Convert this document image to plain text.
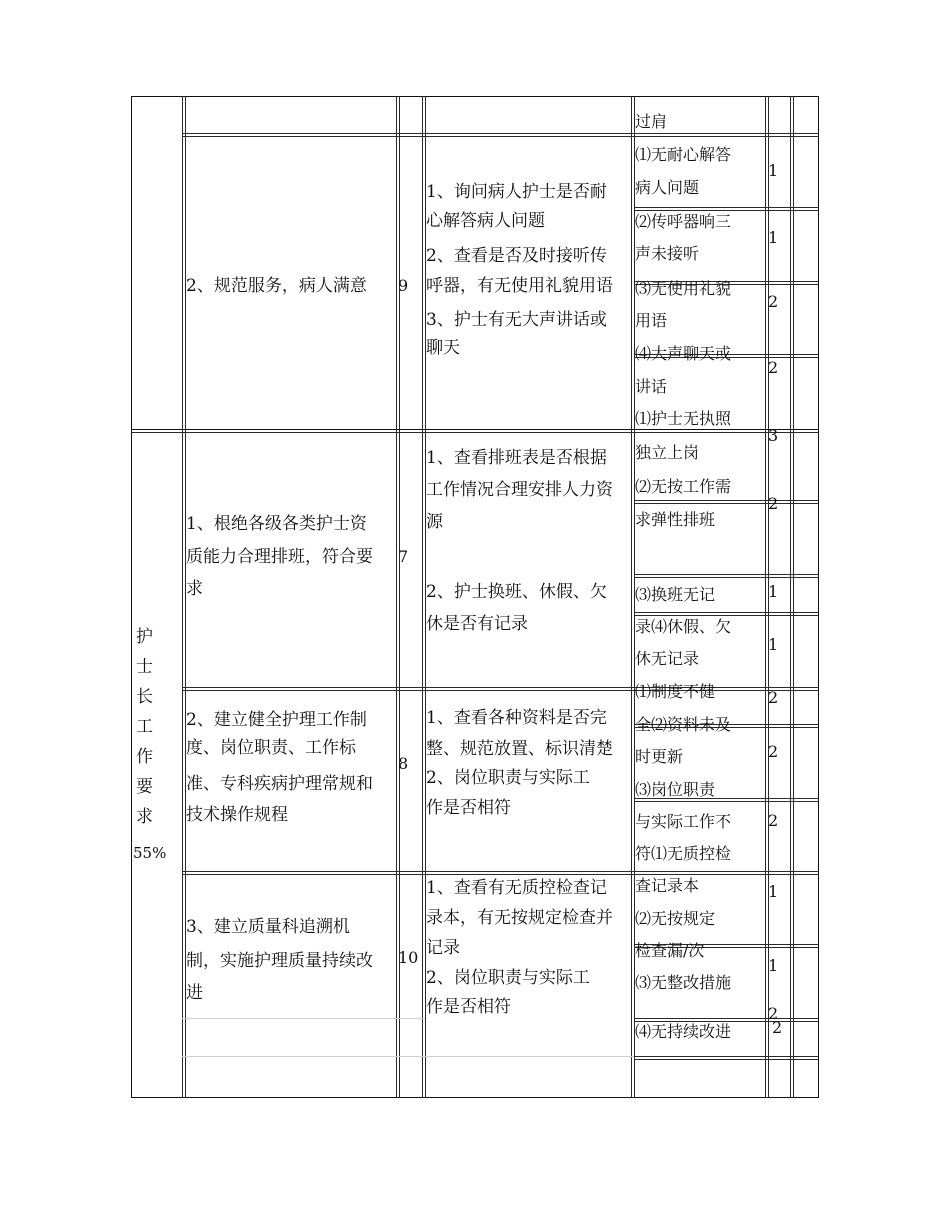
护
士
长
工
作
要
求
55%
2、规范服务，病人满意 9
1、询问病人护士是否耐
心解答病人问题
2、查看是否及时接听传
呼器，有无使用礼貌用语
3、护士有无大声讲话或
聊天
1、根绝各级各类护士资
质能力合理排班，符合要
求
7
1、查看排班表是否根据
工作情况合理安排人力资
源
2、护士换班、休假、欠
休是否有记录
2、建立健全护理工作制
度、岗位职责、工作标
准、专科疾病护理常规和
技术操作规程
8
1、查看各种资料是否完
整、规范放置、标识清楚
2、岗位职责与实际工
作是否相符
3、建立质量科追溯机
制，实施护理质量持续改
进
10
1、查看有无质控检查记
录本，有无按规定检查并
记录
2、岗位职责与实际工
作是否相符
过肩
⑴无耐心解答
病人问题
⑵传呼器响三
声未接听
⑶无使用礼貌
用语
⑷大声聊天或
讲话
⑴护士无执照
独立上岗
⑵无按工作需
求弹性排班
⑶换班无记
录⑷休假、欠
休无记录
⑴制度不健
全⑵资料未及
时更新
⑶岗位职责
与实际工作不
符⑴无质控检
查记录本
⑵无按规定
检查漏/次
⑶无整改措施
⑷无持续改进
1
1
2
2
3
2
1
1
2
2
2
1
1
2
2
